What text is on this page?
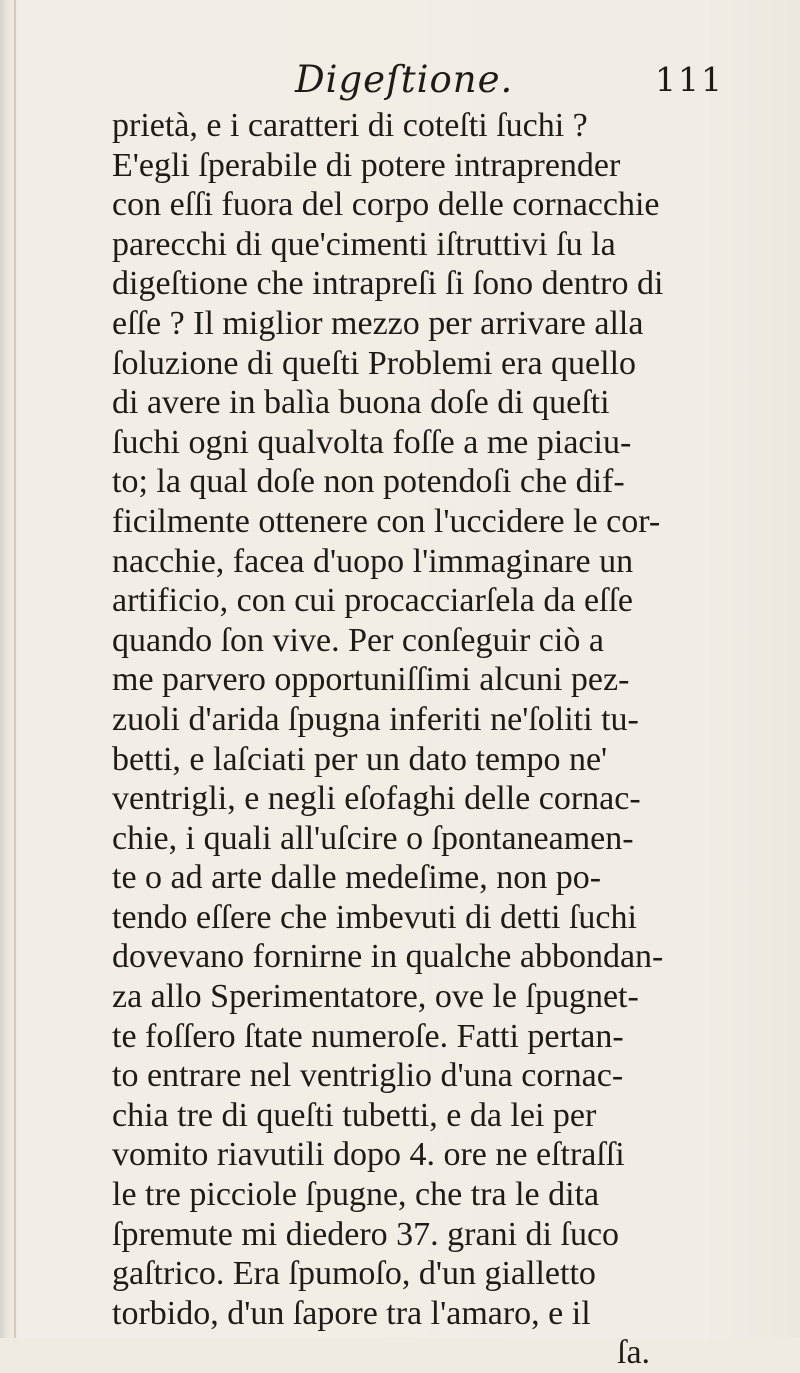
Digeſtione.	111
prietà, e i caratteri di coteſti ſuchi ?
E'egli ſperabile di potere intraprender
con eſſi fuora del corpo delle cornacchie
parecchi di que'cimenti iſtruttivi ſu la
digeſtione che intrapreſi ſi ſono dentro di
eſſe ? Il miglior mezzo per arrivare alla
ſoluzione di queſti Problemi era quello
di avere in balìa buona doſe di queſti
ſuchi ogni qualvolta foſſe a me piaciu-
to; la qual doſe non potendoſi che dif-
ficilmente ottenere con l'uccidere le cor-
nacchie, facea d'uopo l'immaginare un
artificio, con cui procacciarſela da eſſe
quando ſon vive. Per conſeguir ciò a
me parvero opportuniſſimi alcuni pez-
zuoli d'arida ſpugna inferiti ne'ſoliti tu-
betti, e laſciati per un dato tempo ne'
ventrigli, e negli eſofaghi delle cornac-
chie, i quali all'uſcire o ſpontaneamen-
te o ad arte dalle medeſime, non po-
tendo eſſere che imbevuti di detti ſuchi
dovevano fornirne in qualche abbondan-
za allo Sperimentatore, ove le ſpugnet-
te foſſero ſtate numeroſe. Fatti pertan-
to entrare nel ventriglio d'una cornac-
chia tre di queſti tubetti, e da lei per
vomito riavutili dopo 4. ore ne eſtraſſi
le tre picciole ſpugne, che tra le dita
ſpremute mi diedero 37. grani di ſuco
gaſtrico. Era ſpumoſo, d'un gialletto
torbido, d'un ſapore tra l'amaro, e il
ſa.
